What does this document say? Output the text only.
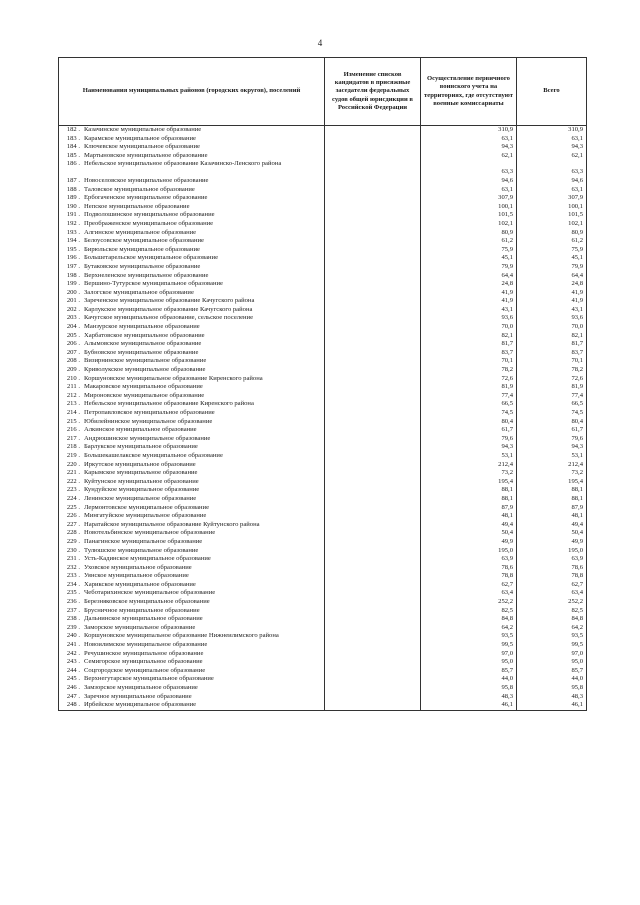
4
Наименования муниципальных районов (городских округов), поселений	Изменение списков кандидатов в присяжные заседатели федеральных судов общей юрисдикции в Российской Федерации	Осуществление первичного воинского учета на территориях, где отсутствуют военные комиссариаты	Всего
182 . Казачинское муниципальное образование		310,9	310,9
183 . Карамское муниципальное образование		63,1	63,1
184 . Ключевское муниципальное образование		94,3	94,3
185 . Мартыновское муниципальное образование		62,1	62,1
186 . Небельское муниципальное образование Казачинско-Ленского района		63,3	63,3
187 . Новоселовское муниципальное образование		94,6	94,6
188 . Таловское муниципальное образование		63,1	63,1
189 . Ербогаченское муниципальное образование		307,9	307,9
190 . Непское муниципальное образование		100,1	100,1
191 . Подволошинское муниципальное образование		101,5	101,5
192 . Преображенское муниципальное образование		102,1	102,1
193 . Алгинское муниципальное образование		80,9	80,9
194 . Белоусовское муниципальное образование		61,2	61,2
195 . Бирюльское муниципальное образование		75,9	75,9
196 . Большетарельское муниципальное образование		45,1	45,1
197 . Бутаковское муниципальное образование		79,9	79,9
198 . Верхнеленское муниципальное образование		64,4	64,4
199 . Вершино-Тутурское муниципальное образование		24,8	24,8
200 . Залогское муниципальное образование		41,9	41,9
201 . Зареченское муниципальное образование Качугского района		41,9	41,9
202 . Карлукское муниципальное образование Качугского района		43,1	43,1
203 . Качугское муниципальное образование, сельское поселение		93,6	93,6
204 . Манзурское муниципальное образование		70,0	70,0
205 . Харбатовское муниципальное образование		82,1	82,1
206 . Алымовское муниципальное образование		81,7	81,7
207 . Бубновское муниципальное образование		83,7	83,7
208 . Визирнинское муниципальное образование		70,1	70,1
209 . Криволукское муниципальное образование		78,2	78,2
210 . Коршуновское муниципальное образование Киренского района		72,6	72,6
211 . Макаровское муниципальное образование		81,9	81,9
212 . Мироновское муниципальное образование		77,4	77,4
213 . Небельское муниципальное образование Киренского района		66,5	66,5
214 . Петропавловское муниципальное образование		74,5	74,5
215 . Юбилейнинское муниципальное образование		80,4	80,4
216 . Алкинское муниципальное образование		61,7	61,7
217 . Андрюшинское муниципальное образование		79,6	79,6
218 . Барлукское муниципальное образование		94,3	94,3
219 . Большекашелакское муниципальное образование		53,1	53,1
220 . Иркутское муниципальное образование		212,4	212,4
221 . Карымское муниципальное образование		73,2	73,2
222 . Куйтунское муниципальное образование		195,4	195,4
223 . Кундуйское муниципальное образование		88,1	88,1
224 . Ленинское муниципальное образование		88,1	88,1
225 . Лермонтовское муниципальное образование		87,9	87,9
226 . Мингатуйское муниципальное образование		48,1	48,1
227 . Наратайское муниципальное образование Куйтунского района		49,4	49,4
228 . Новотельбинское муниципальное образование		50,4	50,4
229 . Панагинское муниципальное образование		49,9	49,9
230 . Тулюшское муниципальное образование		195,0	195,0
231 . Усть-Кадинское муниципальное образование		63,9	63,9
232 . Уховское муниципальное образование		78,6	78,6
233 . Уянское муниципальное образование		78,8	78,8
234 . Харикское муниципальное образование		62,7	62,7
235 . Чеботарихинское муниципальное образование		63,4	63,4
236 . Березняковское муниципальное образование		252,2	252,2
237 . Брусничное муниципальное образование		82,5	82,5
238 . Дальнинское муниципальное образование		84,8	84,8
239 . Заморское муниципальное образование		64,2	64,2
240 . Коршуновское муниципальное образование Нижнеилимского района		93,5	93,5
241 . Новоилимское муниципальное образование		99,5	99,5
242 . Речушинское муниципальное образование		97,0	97,0
243 . Семигорское муниципальное образование		95,0	95,0
244 . Соцгородское муниципальное образование		85,7	85,7
245 . Верхнегутарское муниципальное образование		44,0	44,0
246 . Замзорское муниципальное образование		95,8	95,8
247 . Заречное муниципальное образование		48,3	48,3
248 . Ирбейское муниципальное образование		46,1	46,1
